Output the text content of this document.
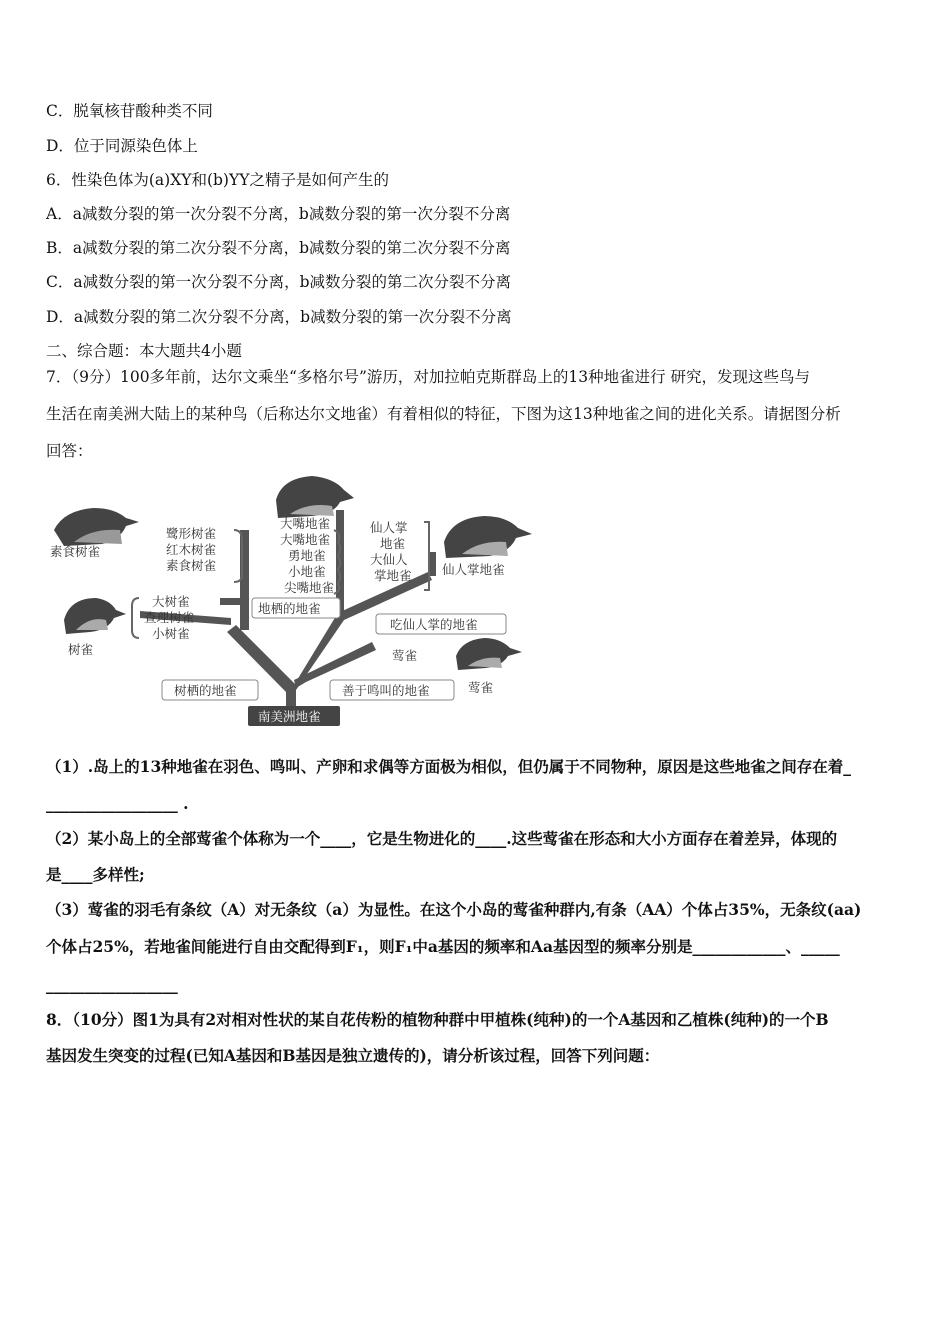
C．脱氧核苷酸种类不同
D．位于同源染色体上
6．性染色体为(a)XY和(b)YY之精子是如何产生的
A．a减数分裂的第一次分裂不分离，b减数分裂的第一次分裂不分离
B．a减数分裂的第二次分裂不分离，b减数分裂的第二次分裂不分离
C．a减数分裂的第一次分裂不分离，b减数分裂的第二次分裂不分离
D．a减数分裂的第二次分裂不分离，b减数分裂的第一次分裂不分离
二、综合题：本大题共4小题
7．（9分）100多年前，达尔文乘坐“多格尔号”游历，对加拉帕克斯群岛上的13种地雀进行 研究，发现这些鸟与
生活在南美洲大陆上的某种鸟（后称达尔文地雀）有着相似的特征，下图为这13种地雀之间的进化关系。请据图分析
回答：
素食树雀
树雀
仙人掌地雀
莺雀
莺雀
鹭形树雀
红木树雀
素食树雀
大树雀
查理树雀
小树雀
大嘴地雀
大嘴地雀
勇地雀
小地雀
尖嘴地雀
仙人掌
地雀
大仙人
掌地雀
地栖的地雀
吃仙人掌的地雀
树栖的地雀	善于鸣叫的地雀
南美洲地雀
（1）.岛上的13种地雀在羽色、鸣叫、产卵和求偶等方面极为相似，但仍属于不同物种，原因是这些地雀之间存在着_
_________________ .
（2）某小岛上的全部莺雀个体称为一个____，它是生物进化的____.这些莺雀在形态和大小方面存在着差异，体现的
是____多样性;
（3）莺雀的羽毛有条纹（A）对无条纹（a）为显性。在这个小岛的莺雀种群内,有条（AA）个体占35%，无条纹(aa)
个体占25%，若地雀间能进行自由交配得到F₁，则F₁中a基因的频率和Aa基因型的频率分别是____________、_____
_________________
8．（10分）图1为具有2对相对性状的某自花传粉的植物种群中甲植株(纯种)的一个A基因和乙植株(纯种)的一个B
基因发生突变的过程(已知A基因和B基因是独立遗传的)，请分析该过程，回答下列问题：
